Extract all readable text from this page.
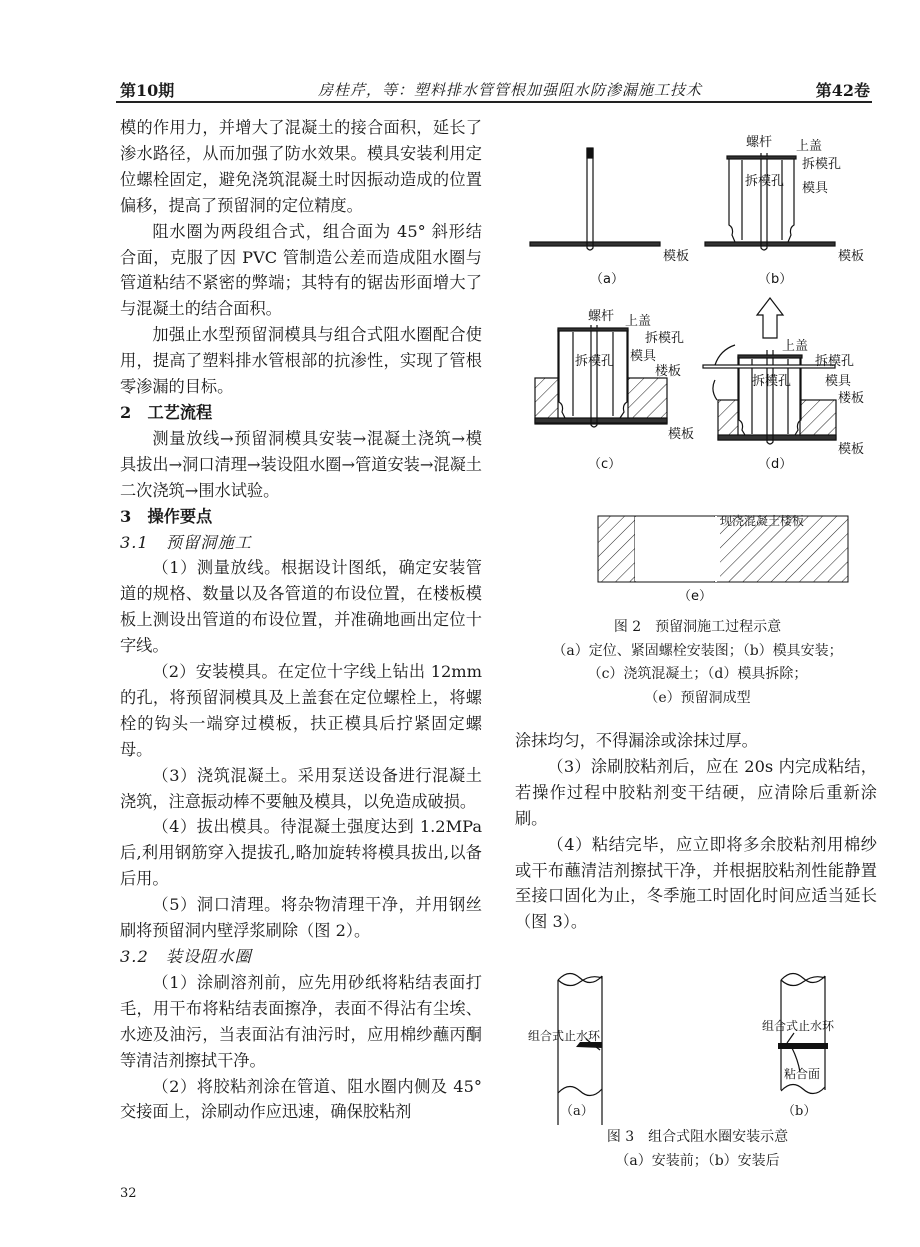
第10期	房桂芹，等：塑料排水管管根加强阻水防渗漏施工技术	第42卷

模的作用力，并增大了混凝土的接合面积，延长了渗水路径，从而加强了防水效果。模具安装利用定位螺栓固定，避免浇筑混凝土时因振动造成的位置偏移，提高了预留洞的定位精度。

阻水圈为两段组合式，组合面为 45° 斜形结合面，克服了因 PVC 管制造公差而造成阻水圈与管道粘结不紧密的弊端；其特有的锯齿形面增大了与混凝土的结合面积。

加强止水型预留洞模具与组合式阻水圈配合使用，提高了塑料排水管根部的抗渗性，实现了管根零渗漏的目标。

2　工艺流程

测量放线→预留洞模具安装→混凝土浇筑→模具拔出→洞口清理→装设阻水圈→管道安装→混凝土二次浇筑→围水试验。

3　操作要点

3.1　预留洞施工

（1）测量放线。根据设计图纸，确定安装管道的规格、数量以及各管道的布设位置，在楼板模板上测设出管道的布设位置，并准确地画出定位十字线。

（2）安装模具。在定位十字线上钻出 12mm 的孔，将预留洞模具及上盖套在定位螺栓上，将螺栓的钩头一端穿过模板，扶正模具后拧紧固定螺母。

（3）浇筑混凝土。采用泵送设备进行混凝土浇筑，注意振动棒不要触及模具，以免造成破损。

（4）拔出模具。待混凝土强度达到 1.2MPa 后,利用钢筋穿入提拔孔,略加旋转将模具拔出,以备后用。

（5）洞口清理。将杂物清理干净，并用钢丝刷将预留洞内壁浮浆刷除（图 2）。

3.2　装设阻水圈

（1）涂刷溶剂前，应先用砂纸将粘结表面打毛，用干布将粘结表面擦净，表面不得沾有尘埃、水迹及油污，当表面沾有油污时，应用棉纱蘸丙酮等清洁剂擦拭干净。

（2）将胶粘剂涂在管道、阻水圈内侧及 45° 交接面上，涂刷动作应迅速，确保胶粘剂

模板
（a）
螺杆 上盖
拆模孔
拆模孔 模具
模板
（b）
螺杆 上盖
拆模孔
拆模孔 模具
楼板
模板
（c）
上盖
拆模孔
拆模孔	模具
楼板
模板
（d）
（e）
现浇混凝土楼板
图 2　预留洞施工过程示意
（a）定位、紧固螺栓安装图；（b）模具安装；
（c）浇筑混凝土；（d）模具拆除；
（e）预留洞成型

涂抹均匀，不得漏涂或涂抹过厚。

（3）涂刷胶粘剂后，应在 20s 内完成粘结，若操作过程中胶粘剂变干结硬，应清除后重新涂刷。

（4）粘结完毕，应立即将多余胶粘剂用棉纱或干布蘸清洁剂擦拭干净，并根据胶粘剂性能静置至接口固化为止，冬季施工时固化时间应适当延长（图 3）。

组合式止水环
组合式止水环
粘合面
（a）	（b）
图 3　组合式阻水圈安装示意
（a）安装前；（b）安装后
32
